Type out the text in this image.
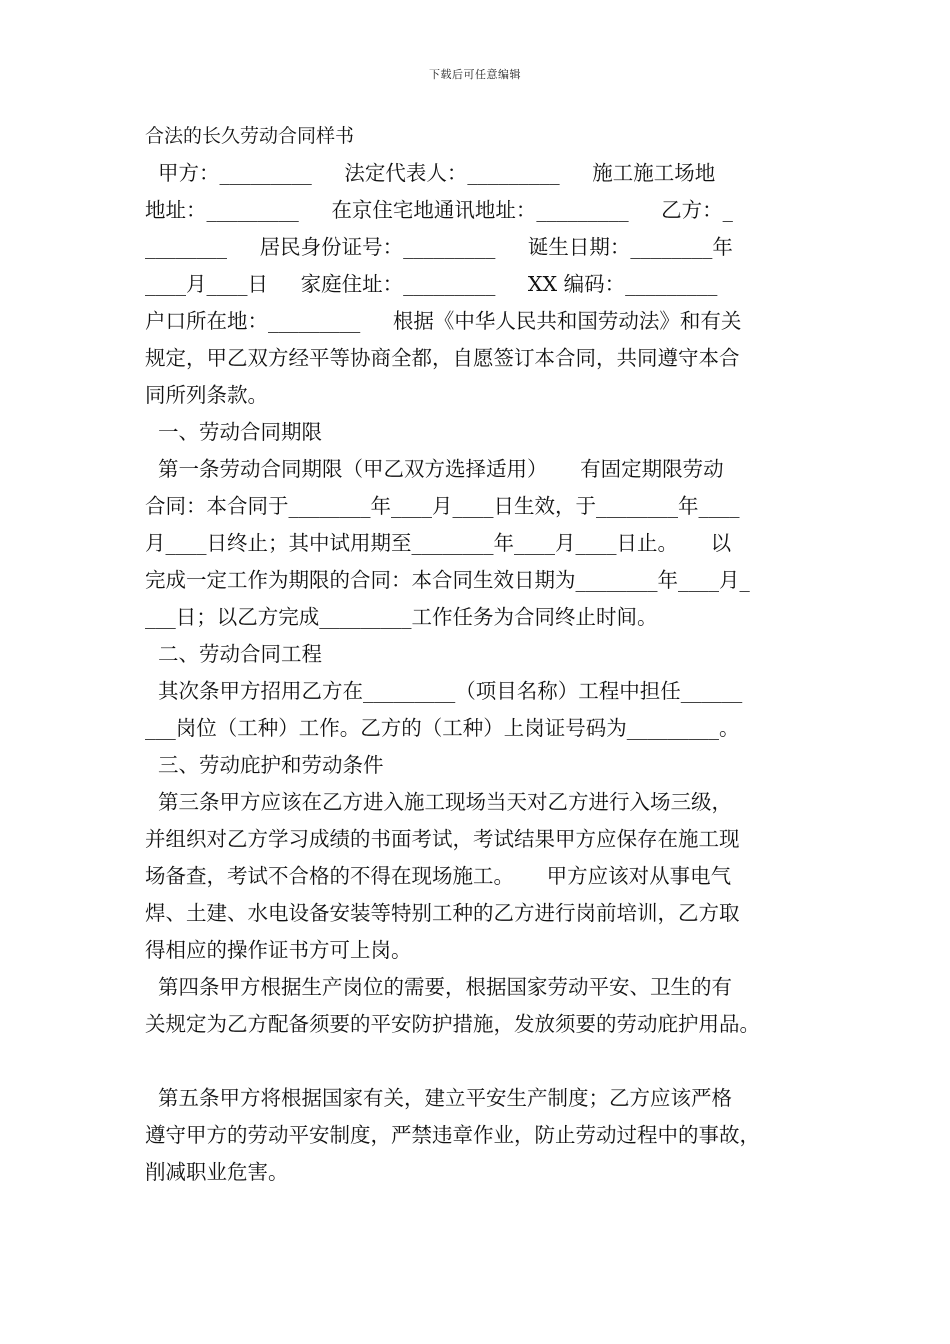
下载后可任意编辑
合法的长久劳动合同样书
甲方：_________     法定代表人：_________     施工施工场地
地址：_________     在京住宅地通讯地址：_________     乙方：_
________     居民身份证号：_________     诞生日期：________年
____月____日     家庭住址：_________     XX 编码：_________
户口所在地：_________     根据《中华人民共和国劳动法》和有关
规定，甲乙双方经平等协商全都，自愿签订本合同，共同遵守本合
同所列条款。
一、劳动合同期限
第一条劳动合同期限（甲乙双方选择适用）     有固定期限劳动
合同：本合同于________年____月____日生效，于________年____
月____日终止；其中试用期至________年____月____日止。     以
完成一定工作为期限的合同：本合同生效日期为________年____月_
___日；以乙方完成_________工作任务为合同终止时间。
二、劳动合同工程
其次条甲方招用乙方在_________（项目名称）工程中担任______
___岗位（工种）工作。乙方的（工种）上岗证号码为_________。
三、劳动庇护和劳动条件
第三条甲方应该在乙方进入施工现场当天对乙方进行入场三级，
并组织对乙方学习成绩的书面考试，考试结果甲方应保存在施工现
场备查，考试不合格的不得在现场施工。     甲方应该对从事电气
焊、土建、水电设备安装等特别工种的乙方进行岗前培训，乙方取
得相应的操作证书方可上岗。
第四条甲方根据生产岗位的需要，根据国家劳动平安、卫生的有
关规定为乙方配备须要的平安防护措施，发放须要的劳动庇护用品。
第五条甲方将根据国家有关，建立平安生产制度；乙方应该严格
遵守甲方的劳动平安制度，严禁违章作业，防止劳动过程中的事故，
削减职业危害。
